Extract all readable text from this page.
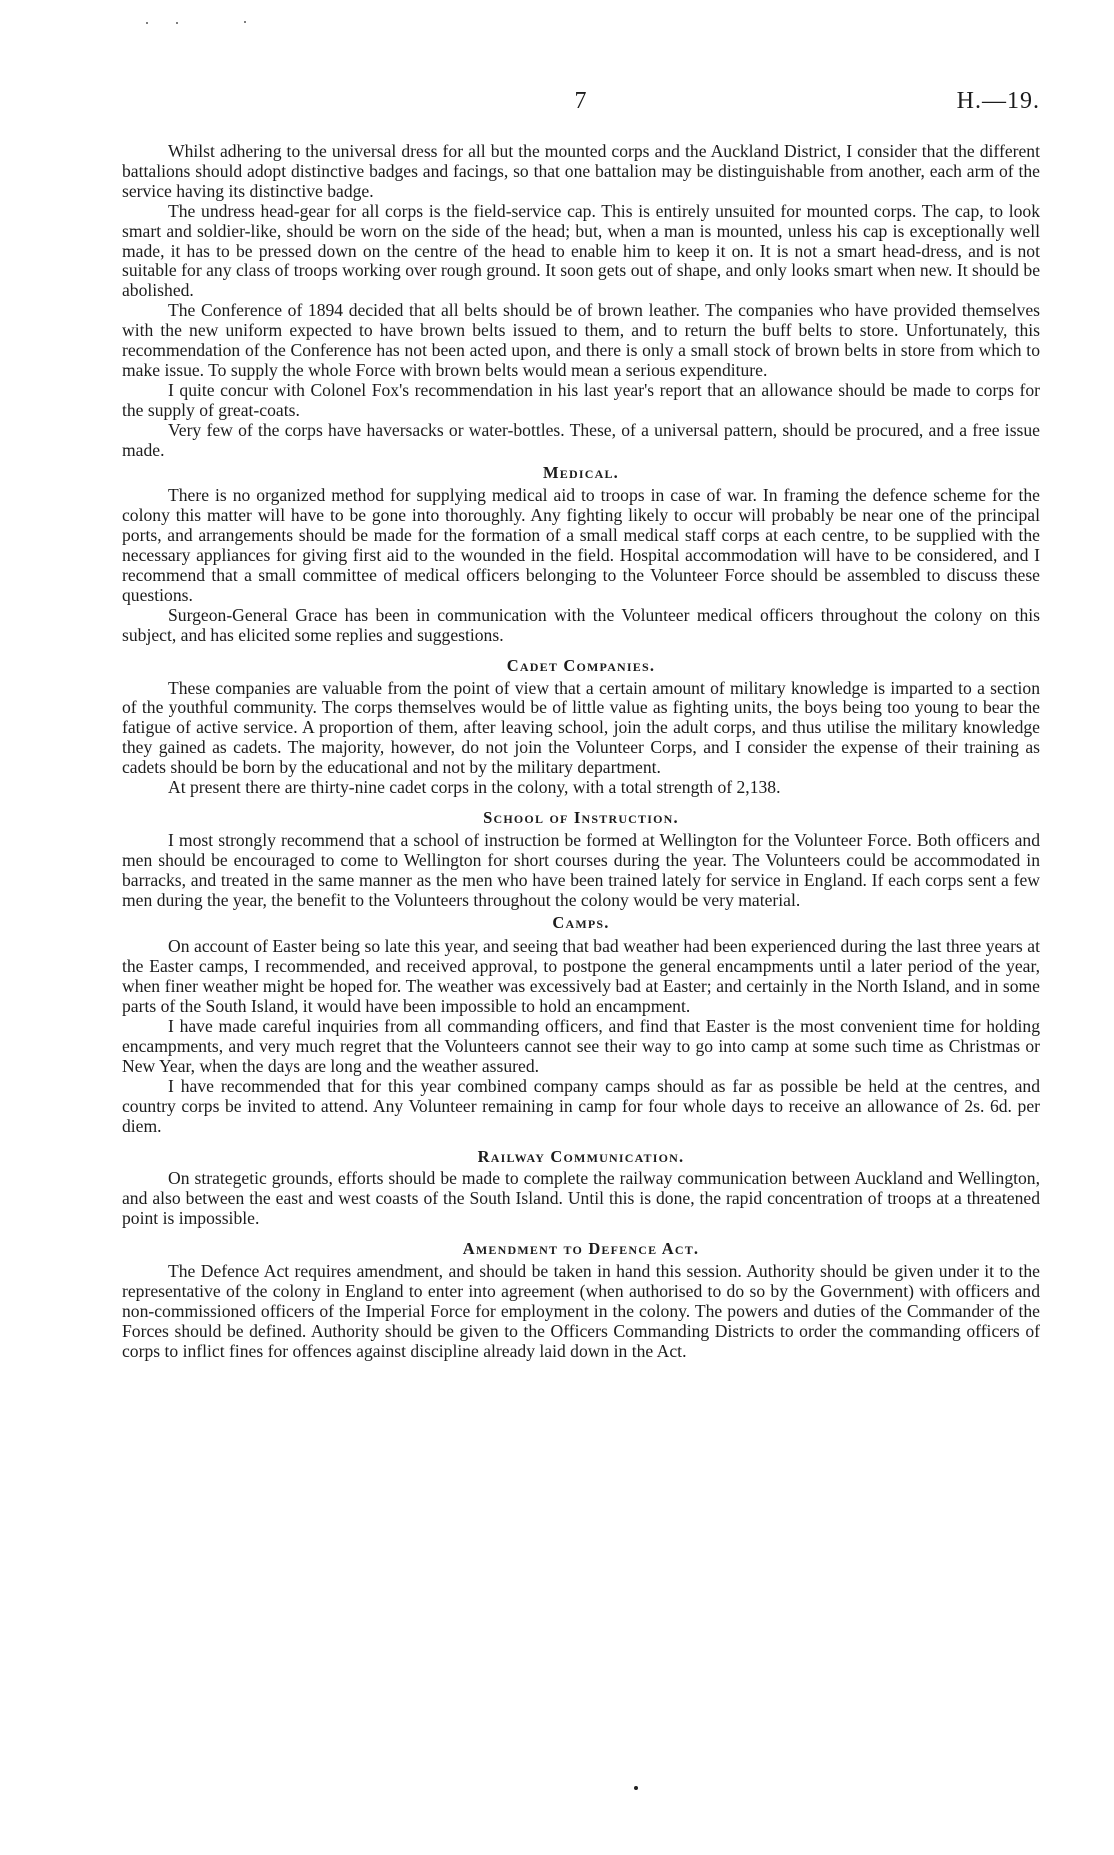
7	H.—19.

Whilst adhering to the universal dress for all but the mounted corps and the Auckland District, I consider that the different battalions should adopt distinctive badges and facings, so that one battalion may be distinguishable from another, each arm of the service having its distinctive badge.

The undress head-gear for all corps is the field-service cap. This is entirely unsuited for mounted corps. The cap, to look smart and soldier-like, should be worn on the side of the head; but, when a man is mounted, unless his cap is exceptionally well made, it has to be pressed down on the centre of the head to enable him to keep it on. It is not a smart head-dress, and is not suitable for any class of troops working over rough ground. It soon gets out of shape, and only looks smart when new. It should be abolished.

The Conference of 1894 decided that all belts should be of brown leather. The companies who have provided themselves with the new uniform expected to have brown belts issued to them, and to return the buff belts to store. Unfortunately, this recommendation of the Conference has not been acted upon, and there is only a small stock of brown belts in store from which to make issue. To supply the whole Force with brown belts would mean a serious expenditure.

I quite concur with Colonel Fox's recommendation in his last year's report that an allowance should be made to corps for the supply of great-coats.

Very few of the corps have haversacks or water-bottles. These, of a universal pattern, should be procured, and a free issue made.

Medical.

There is no organized method for supplying medical aid to troops in case of war. In framing the defence scheme for the colony this matter will have to be gone into thoroughly. Any fighting likely to occur will probably be near one of the principal ports, and arrangements should be made for the formation of a small medical staff corps at each centre, to be supplied with the necessary appliances for giving first aid to the wounded in the field. Hospital accommodation will have to be considered, and I recommend that a small committee of medical officers belonging to the Volunteer Force should be assembled to discuss these questions.

Surgeon-General Grace has been in communication with the Volunteer medical officers throughout the colony on this subject, and has elicited some replies and suggestions.

Cadet Companies.

These companies are valuable from the point of view that a certain amount of military knowledge is imparted to a section of the youthful community. The corps themselves would be of little value as fighting units, the boys being too young to bear the fatigue of active service. A proportion of them, after leaving school, join the adult corps, and thus utilise the military knowledge they gained as cadets. The majority, however, do not join the Volunteer Corps, and I consider the expense of their training as cadets should be born by the educational and not by the military department.

At present there are thirty-nine cadet corps in the colony, with a total strength of 2,138.

School of Instruction.

I most strongly recommend that a school of instruction be formed at Wellington for the Volunteer Force. Both officers and men should be encouraged to come to Wellington for short courses during the year. The Volunteers could be accommodated in barracks, and treated in the same manner as the men who have been trained lately for service in England. If each corps sent a few men during the year, the benefit to the Volunteers throughout the colony would be very material.

Camps.

On account of Easter being so late this year, and seeing that bad weather had been experienced during the last three years at the Easter camps, I recommended, and received approval, to postpone the general encampments until a later period of the year, when finer weather might be hoped for. The weather was excessively bad at Easter; and certainly in the North Island, and in some parts of the South Island, it would have been impossible to hold an encampment.

I have made careful inquiries from all commanding officers, and find that Easter is the most convenient time for holding encampments, and very much regret that the Volunteers cannot see their way to go into camp at some such time as Christmas or New Year, when the days are long and the weather assured.

I have recommended that for this year combined company camps should as far as possible be held at the centres, and country corps be invited to attend. Any Volunteer remaining in camp for four whole days to receive an allowance of 2s. 6d. per diem.

Railway Communication.

On strategetic grounds, efforts should be made to complete the railway communication between Auckland and Wellington, and also between the east and west coasts of the South Island. Until this is done, the rapid concentration of troops at a threatened point is impossible.

Amendment to Defence Act.

The Defence Act requires amendment, and should be taken in hand this session. Authority should be given under it to the representative of the colony in England to enter into agreement (when authorised to do so by the Government) with officers and non-commissioned officers of the Imperial Force for employment in the colony. The powers and duties of the Commander of the Forces should be defined. Authority should be given to the Officers Commanding Districts to order the commanding officers of corps to inflict fines for offences against discipline already laid down in the Act.
